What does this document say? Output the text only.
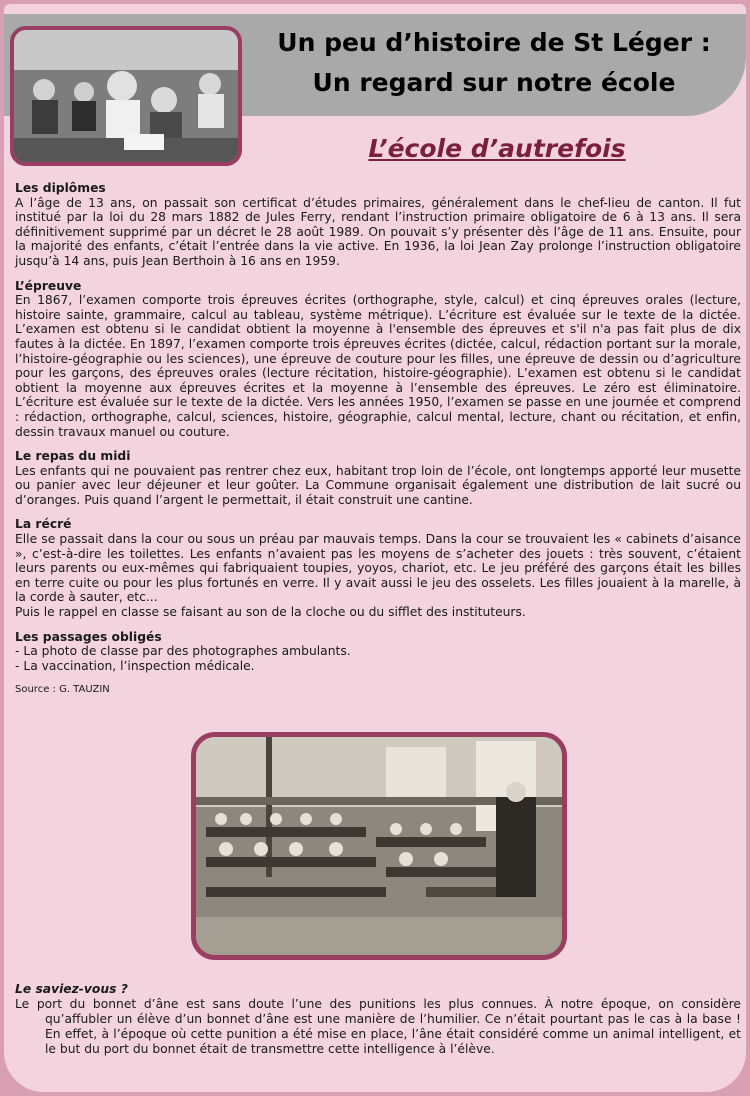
Un peu d’histoire de St Léger :
Un regard sur notre école
L’école d’autrefois

Les diplômes

A l’âge de 13 ans, on passait son certificat d’études primaires, généralement dans le chef-lieu de canton. Il fut institué par la loi du 28 mars 1882 de Jules Ferry, rendant l’instruction primaire obligatoire de 6 à 13 ans. Il sera définitivement supprimé par un décret le 28 août 1989. On pouvait s’y présenter dès l’âge de 11 ans. Ensuite, pour la majorité des enfants, c’était l’entrée dans la vie active. En 1936, la loi Jean Zay prolonge l’instruction obligatoire jusqu’à 14 ans, puis Jean Berthoin à 16 ans en 1959.

L’épreuve

En 1867, l’examen comporte trois épreuves écrites (orthographe, style, calcul) et cinq épreuves orales (lecture, histoire sainte, grammaire, calcul au tableau, système métrique). L’écriture est évaluée sur le texte de la dictée. L’examen est obtenu si le candidat obtient la moyenne à l'ensemble des épreuves et s'il n'a pas fait plus de dix fautes à la dictée. En 1897, l’examen comporte trois épreuves écrites (dictée, calcul, rédaction portant sur la morale, l’histoire-géographie ou les sciences), une épreuve de couture pour les filles, une épreuve de dessin ou d’agriculture pour les garçons, des épreuves orales (lecture récitation, histoire-géographie). L’examen est obtenu si le candidat obtient la moyenne aux épreuves écrites et la moyenne à l’ensemble des épreuves. Le zéro est éliminatoire. L’écriture est évaluée sur le texte de la dictée. Vers les années 1950, l’examen se passe en une journée et comprend : rédaction, orthographe, calcul, sciences, histoire, géographie, calcul mental, lecture, chant ou récitation, et enfin, dessin travaux manuel ou couture.

Le repas du midi

Les enfants qui ne pouvaient pas rentrer chez eux, habitant trop loin de l’école, ont longtemps apporté leur musette ou panier avec leur déjeuner et leur goûter. La Commune organisait également une distribution de lait sucré ou d’oranges. Puis quand l’argent le permettait, il était construit une cantine.

La récré

Elle se passait dans la cour ou sous un préau par mauvais temps. Dans la cour se trouvaient les « cabinets d’aisance », c’est-à-dire les toilettes. Les enfants n’avaient pas les moyens de s’acheter des jouets : très souvent, c’étaient leurs parents ou eux-mêmes qui fabriquaient toupies, yoyos, chariot, etc. Le jeu préféré des garçons était les billes en terre cuite ou pour les plus fortunés en verre. Il y avait aussi le jeu des osselets. Les filles jouaient à la marelle, à la corde à sauter, etc...

Puis le rappel en classe se faisant au son de la cloche ou du sifflet des instituteurs.

Les passages obligés

- La photo de classe par des photographes ambulants.

- La vaccination, l’inspection médicale.

Source : G. TAUZIN

Le saviez-vous ?

Le port du bonnet d’âne est sans doute l’une des punitions les plus connues. À notre époque, on considère qu’affubler un élève d’un bonnet d’âne est une manière de l’humilier. Ce n’était pourtant pas le cas à la base ! En effet, à l’époque où cette punition a été mise en place, l’âne était considéré comme un animal intelligent, et le but du port du bonnet était de transmettre cette intelligence à l’élève.
